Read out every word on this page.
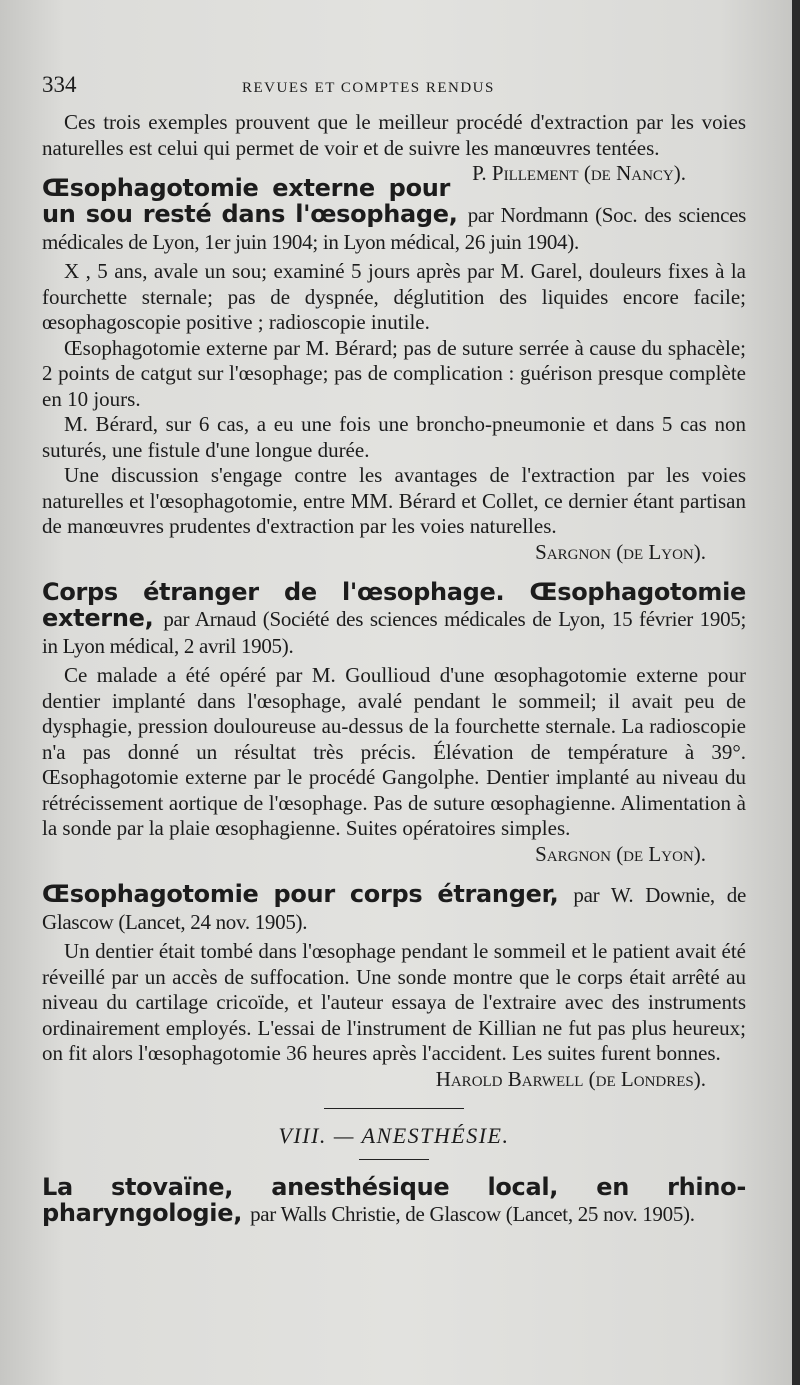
334	REVUES ET COMPTES RENDUS

Ces trois exemples prouvent que le meilleur procédé d'extraction par les voies naturelles est celui qui permet de voir et de suivre les manœuvres tentées.
P. Pillement (de Nancy).

Œsophagotomie externe pour un sou resté dans l'œsophage, par Nordmann (Soc. des sciences médicales de Lyon, 1er juin 1904; in Lyon médical, 26 juin 1904).

X , 5 ans, avale un sou; examiné 5 jours après par M. Garel, douleurs fixes à la fourchette sternale; pas de dyspnée, déglutition des liquides encore facile; œsophagoscopie positive ; radioscopie inutile.

Œsophagotomie externe par M. Bérard; pas de suture serrée à cause du sphacèle; 2 points de catgut sur l'œsophage; pas de complication : guérison presque complète en 10 jours.

M. Bérard, sur 6 cas, a eu une fois une broncho-pneumonie et dans 5 cas non suturés, une fistule d'une longue durée.

Une discussion s'engage contre les avantages de l'extraction par les voies naturelles et l'œsophagotomie, entre MM. Bérard et Collet, ce dernier étant partisan de manœuvres prudentes d'extraction par les voies naturelles.

Sargnon (de Lyon).
Corps étranger de l'œsophage. Œsophagotomie externe, par Arnaud (Société des sciences médicales de Lyon, 15 février 1905; in Lyon médical, 2 avril 1905).

Ce malade a été opéré par M. Goullioud d'une œsophagotomie externe pour dentier implanté dans l'œsophage, avalé pendant le sommeil; il avait peu de dysphagie, pression douloureuse au-dessus de la fourchette sternale. La radioscopie n'a pas donné un résultat très précis. Élévation de température à 39°. Œsophagotomie externe par le procédé Gangolphe. Dentier implanté au niveau du rétrécissement aortique de l'œsophage. Pas de suture œsophagienne. Alimentation à la sonde par la plaie œsophagienne. Suites opératoires simples.

Sargnon (de Lyon).
Œsophagotomie pour corps étranger, par W. Downie, de Glascow (Lancet, 24 nov. 1905).

Un dentier était tombé dans l'œsophage pendant le sommeil et le patient avait été réveillé par un accès de suffocation. Une sonde montre que le corps était arrêté au niveau du cartilage cricoïde, et l'auteur essaya de l'extraire avec des instruments ordinairement employés. L'essai de l'instrument de Killian ne fut pas plus heureux; on fit alors l'œsophagotomie 36 heures après l'accident. Les suites furent bonnes.

Harold Barwell (de Londres).
VIII. — ANESTHÉSIE.
La stovaïne, anesthésique local, en rhino-pharyngologie, par Walls Christie, de Glascow (Lancet, 25 nov. 1905).
